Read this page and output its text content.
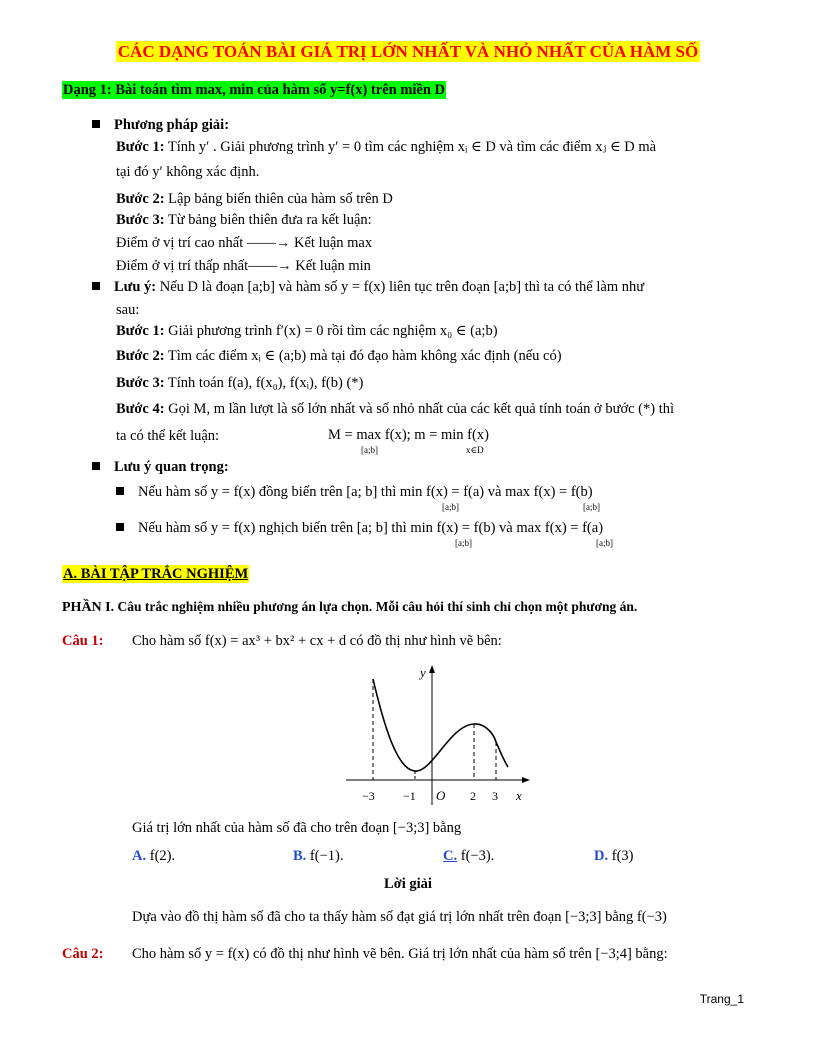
CÁC DẠNG TOÁN BÀI GIÁ TRỊ LỚN NHẤT VÀ NHỎ NHẤT CỦA HÀM SỐ
Dạng 1: Bài toán tìm max, min của hàm số y=f(x) trên miền D
Phương pháp giải:
Bước 1: Tính y′ . Giải phương trình y′ = 0 tìm các nghiệm xᵢ ∈ D và tìm các điểm xⱼ ∈ D mà
tại đó y′ không xác định.
Bước 2: Lập bảng biến thiên của hàm số trên D
Bước 3: Từ bảng biên thiên đưa ra kết luận:
Điểm ở vị trí cao nhất ——→ Kết luận max
Điểm ở vị trí thấp nhất——→ Kết luận min
Lưu ý: Nếu D là đoạn [a;b] và hàm số y = f(x) liên tục trên đoạn [a;b] thì ta có thể làm như
sau:
Bước 1: Giải phương trình f′(x) = 0 rồi tìm các nghiệm x₀ ∈ (a;b)
Bước 2: Tìm các điểm xᵢ ∈ (a;b) mà tại đó đạo hàm không xác định (nếu có)
Bước 3: Tính toán f(a), f(x₀), f(xᵢ), f(b) (*)
Bước 4: Gọi M, m lần lượt là số lớn nhất và số nhỏ nhất của các kết quả tính toán ở bước (*) thì
ta có thể kết luận:	M = max f(x); m = min f(x)
[a;b]	x∈D
Lưu ý quan trọng:
Nếu hàm số y = f(x) đồng biến trên [a; b] thì min f(x) = f(a) và max f(x) = f(b)
[a;b]	[a;b]
Nếu hàm số y = f(x) nghịch biến trên [a; b] thì min f(x) = f(b) và max f(x) = f(a)
[a;b]	[a;b]
A. BÀI TẬP TRẮC NGHIỆM
PHẦN I. Câu trắc nghiệm nhiều phương án lựa chọn. Mỗi câu hỏi thí sinh chỉ chọn một phương án.
Câu 1: Cho hàm số f(x) = ax³ + bx² + cx + d có đồ thị như hình vẽ bên:
y
x
O
−3 −1	2 3
Giá trị lớn nhất của hàm số đã cho trên đoạn [−3;3] bằng
A. f(2).	B. f(−1).	C. f(−3).	D. f(3)
Lời giải
Dựa vào đồ thị hàm số đã cho ta thấy hàm số đạt giá trị lớn nhất trên đoạn [−3;3] bằng f(−3)
Câu 2: Cho hàm số y = f(x) có đồ thị như hình vẽ bên. Giá trị lớn nhất của hàm số trên [−3;4] bằng:
Trang_1
